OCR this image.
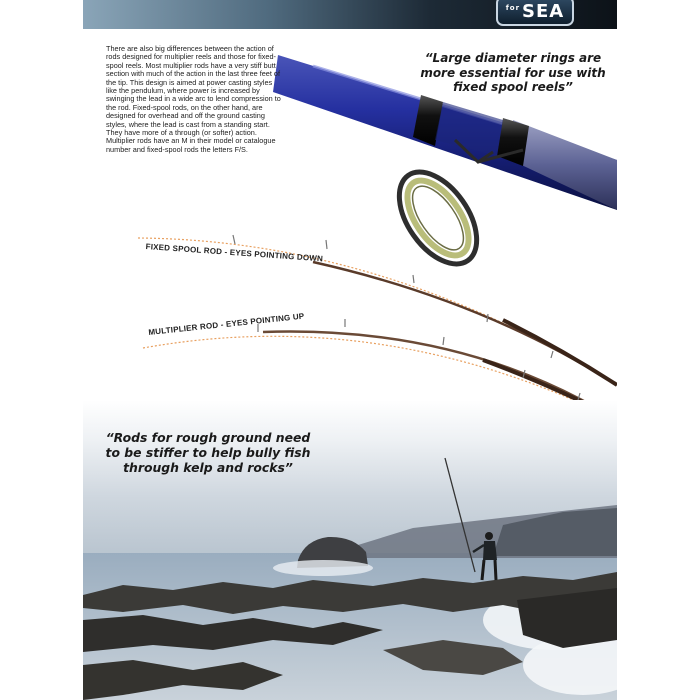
for SEA

There are also big differences between the action of rods designed for multiplier reels and those for fixed-spool reels. Most multiplier rods have a very stiff butt section with much of the action in the last three feet of the tip. This design is aimed at power casting styles like the pendulum, where power is increased by swinging the lead in a wide arc to lend compression to the rod. Fixed-spool rods, on the other hand, are designed for overhead and off the ground casting styles, where the lead is cast from a standing start. They have more of a through (or softer) action. Multiplier rods have an M in their model or catalogue number and fixed-spool rods the letters F/S.

“Large diameter rings are
more essential for use with
fixed spool reels”

FIXED SPOOL ROD - EYES POINTING DOWN
MULTIPLIER ROD - EYES POINTING UP

“Rods for rough ground need
to be stiffer to help bully fish
through kelp and rocks”
